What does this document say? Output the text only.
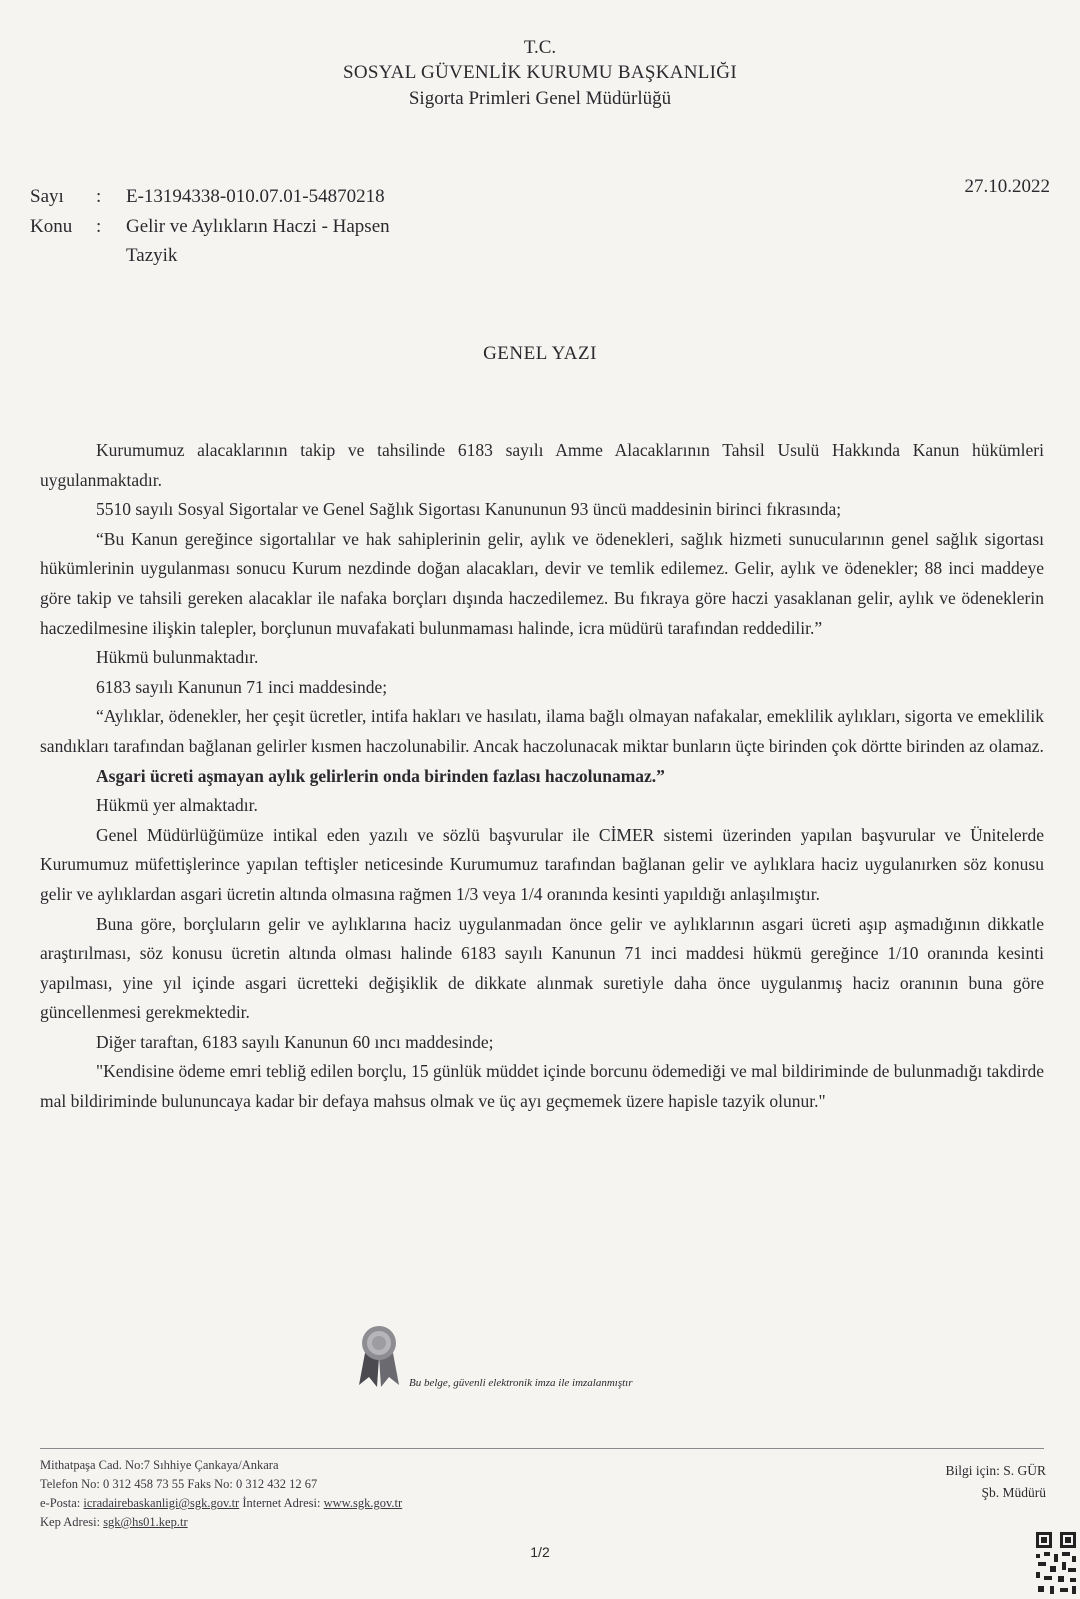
T.C.
SOSYAL GÜVENLİK KURUMU BAŞKANLIĞI
Sigorta Primleri Genel Müdürlüğü
Sayı : E-13194338-010.07.01-54870218
Konu : Gelir ve Aylıkların Haczi - Hapsen
Tazyik
27.10.2022
GENEL YAZI

Kurumumuz alacaklarının takip ve tahsilinde 6183 sayılı Amme Alacaklarının Tahsil Usulü Hakkında Kanun hükümleri uygulanmaktadır.

5510 sayılı Sosyal Sigortalar ve Genel Sağlık Sigortası Kanununun 93 üncü maddesinin birinci fıkrasında;

“Bu Kanun gereğince sigortalılar ve hak sahiplerinin gelir, aylık ve ödenekleri, sağlık hizmeti sunucularının genel sağlık sigortası hükümlerinin uygulanması sonucu Kurum nezdinde doğan alacakları, devir ve temlik edilemez. Gelir, aylık ve ödenekler; 88 inci maddeye göre takip ve tahsili gereken alacaklar ile nafaka borçları dışında haczedilemez. Bu fıkraya göre haczi yasaklanan gelir, aylık ve ödeneklerin haczedilmesine ilişkin talepler, borçlunun muvafakati bulunmaması halinde, icra müdürü tarafından reddedilir.”

Hükmü bulunmaktadır.

6183 sayılı Kanunun 71 inci maddesinde;

“Aylıklar, ödenekler, her çeşit ücretler, intifa hakları ve hasılatı, ilama bağlı olmayan nafakalar, emeklilik aylıkları, sigorta ve emeklilik sandıkları tarafından bağlanan gelirler kısmen haczolunabilir. Ancak haczolunacak miktar bunların üçte birinden çok dörtte birinden az olamaz.

Asgari ücreti aşmayan aylık gelirlerin onda birinden fazlası haczolunamaz.”

Hükmü yer almaktadır.

Genel Müdürlüğümüze intikal eden yazılı ve sözlü başvurular ile CİMER sistemi üzerinden yapılan başvurular ve Ünitelerde Kurumumuz müfettişlerince yapılan teftişler neticesinde Kurumumuz tarafından bağlanan gelir ve aylıklara haciz uygulanırken söz konusu gelir ve aylıklardan asgari ücretin altında olmasına rağmen 1/3 veya 1/4 oranında kesinti yapıldığı anlaşılmıştır.

Buna göre, borçluların gelir ve aylıklarına haciz uygulanmadan önce gelir ve aylıklarının asgari ücreti aşıp aşmadığının dikkatle araştırılması, söz konusu ücretin altında olması halinde 6183 sayılı Kanunun 71 inci maddesi hükmü gereğince 1/10 oranında kesinti yapılması, yine yıl içinde asgari ücretteki değişiklik de dikkate alınmak suretiyle daha önce uygulanmış haciz oranının buna göre güncellenmesi gerekmektedir.

Diğer taraftan, 6183 sayılı Kanunun 60 ıncı maddesinde;

"Kendisine ödeme emri tebliğ edilen borçlu, 15 günlük müddet içinde borcunu ödemediği ve mal bildiriminde de bulunmadığı takdirde mal bildiriminde bulununcaya kadar bir defaya mahsus olmak ve üç ayı geçmemek üzere hapisle tazyik olunur."

Bu belge, güvenli elektronik imza ile imzalanmıştır
Mithatpaşa Cad. No:7 Sıhhiye Çankaya/Ankara
Telefon No: 0 312 458 73 55 Faks No: 0 312 432 12 67
e-Posta: icradairebaskanligi@sgk.gov.tr İnternet Adresi: www.sgk.gov.tr
Kep Adresi: sgk@hs01.kep.tr
Bilgi için: S. GÜR
Şb. Müdürü
1/2
